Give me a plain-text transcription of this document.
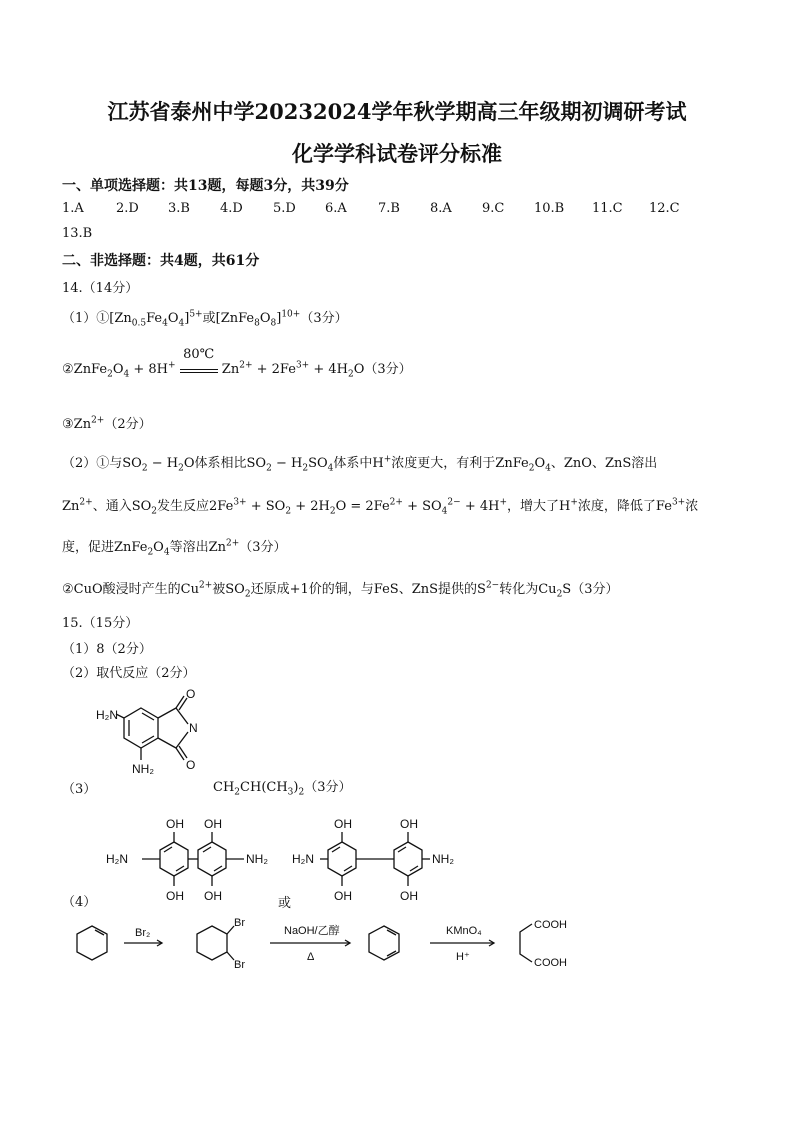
江苏省泰州中学20232024学年秋学期高三年级期初调研考试
化学学科试卷评分标准
一、单项选择题：共13题，每题3分，共39分
1.A 2.D 3.B 4.D 5.D 6.A 7.B 8.A 9.C 10.B 11.C 12.C
13.B
二、非选择题：共4题，共61分
14.（14分）
$(1)①[Zn_{0.5}Fe_4O_4]^{5+}$或$[ZnFe_8O_8]^{10+}(3$分）
$②ZnFe_2O_4 + 8H^+$
80℃
$Zn^{2+} + 2Fe^{3+} + 4H_2O(3$分）
$③Zn^{2+}(2$分）
（2）①与$SO_2 - H_2O$体系相比$SO_2 - H_2SO_4$体系中H+浓度更大，有利于$ZnFe_2O_4$、ZnO、ZnS溶出
$Zn^{2+}$、通入$SO_2$发生反应$2Fe^{3+} + SO_2 + 2H_2O = 2Fe^{2+} + SO_4^{2-} + 4H^+$，增大了H+浓度，降低了$Fe^{3+}$浓
度，促进$ZnFe_2O_4$等溶出$Zn^{2+}(3$分）
②CuO酸浸时产生的$Cu^{2+}$被$SO_2$还原成+1价的铜，与FeS、ZnS提供的$S^{2-}$转化为$Cu_2S(3$分）
15.（15分）
（1）8（2分）
（2）取代反应（2分）
O
O
N
H₂N
NH₂
（3）	$CH_2CH(CH_3)_2(3$分）
OH OH
OH OH
H₂N	NH₂
OH	OH
OH	OH
H₂N	NH₂
（4）	或
Br₂
Br
Br
NaOH/乙醇
Δ
KMnO₄
H⁺
COOH
COOH
